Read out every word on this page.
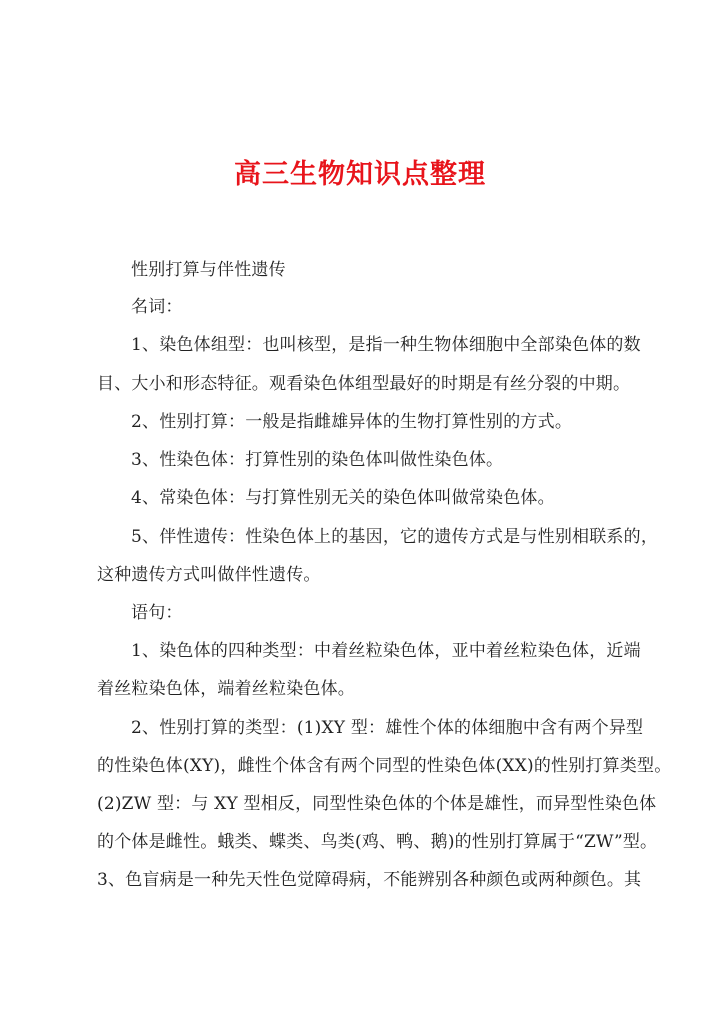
高三生物知识点整理
性别打算与伴性遗传
名词：
1、染色体组型：也叫核型，是指一种生物体细胞中全部染色体的数
目、大小和形态特征。观看染色体组型最好的时期是有丝分裂的中期。
2、性别打算：一般是指雌雄异体的生物打算性别的方式。
3、性染色体：打算性别的染色体叫做性染色体。
4、常染色体：与打算性别无关的染色体叫做常染色体。
5、伴性遗传：性染色体上的基因，它的遗传方式是与性别相联系的，
这种遗传方式叫做伴性遗传。
语句：
1、染色体的四种类型：中着丝粒染色体，亚中着丝粒染色体，近端
着丝粒染色体，端着丝粒染色体。
2、性别打算的类型：(1)XY 型：雄性个体的体细胞中含有两个异型
的性染色体(XY)，雌性个体含有两个同型的性染色体(XX)的性别打算类型。
(2)ZW 型：与 XY 型相反，同型性染色体的个体是雄性，而异型性染色体
的个体是雌性。蛾类、蝶类、鸟类(鸡、鸭、鹅)的性别打算属于“ZW”型。
3、色盲病是一种先天性色觉障碍病，不能辨别各种颜色或两种颜色。其
